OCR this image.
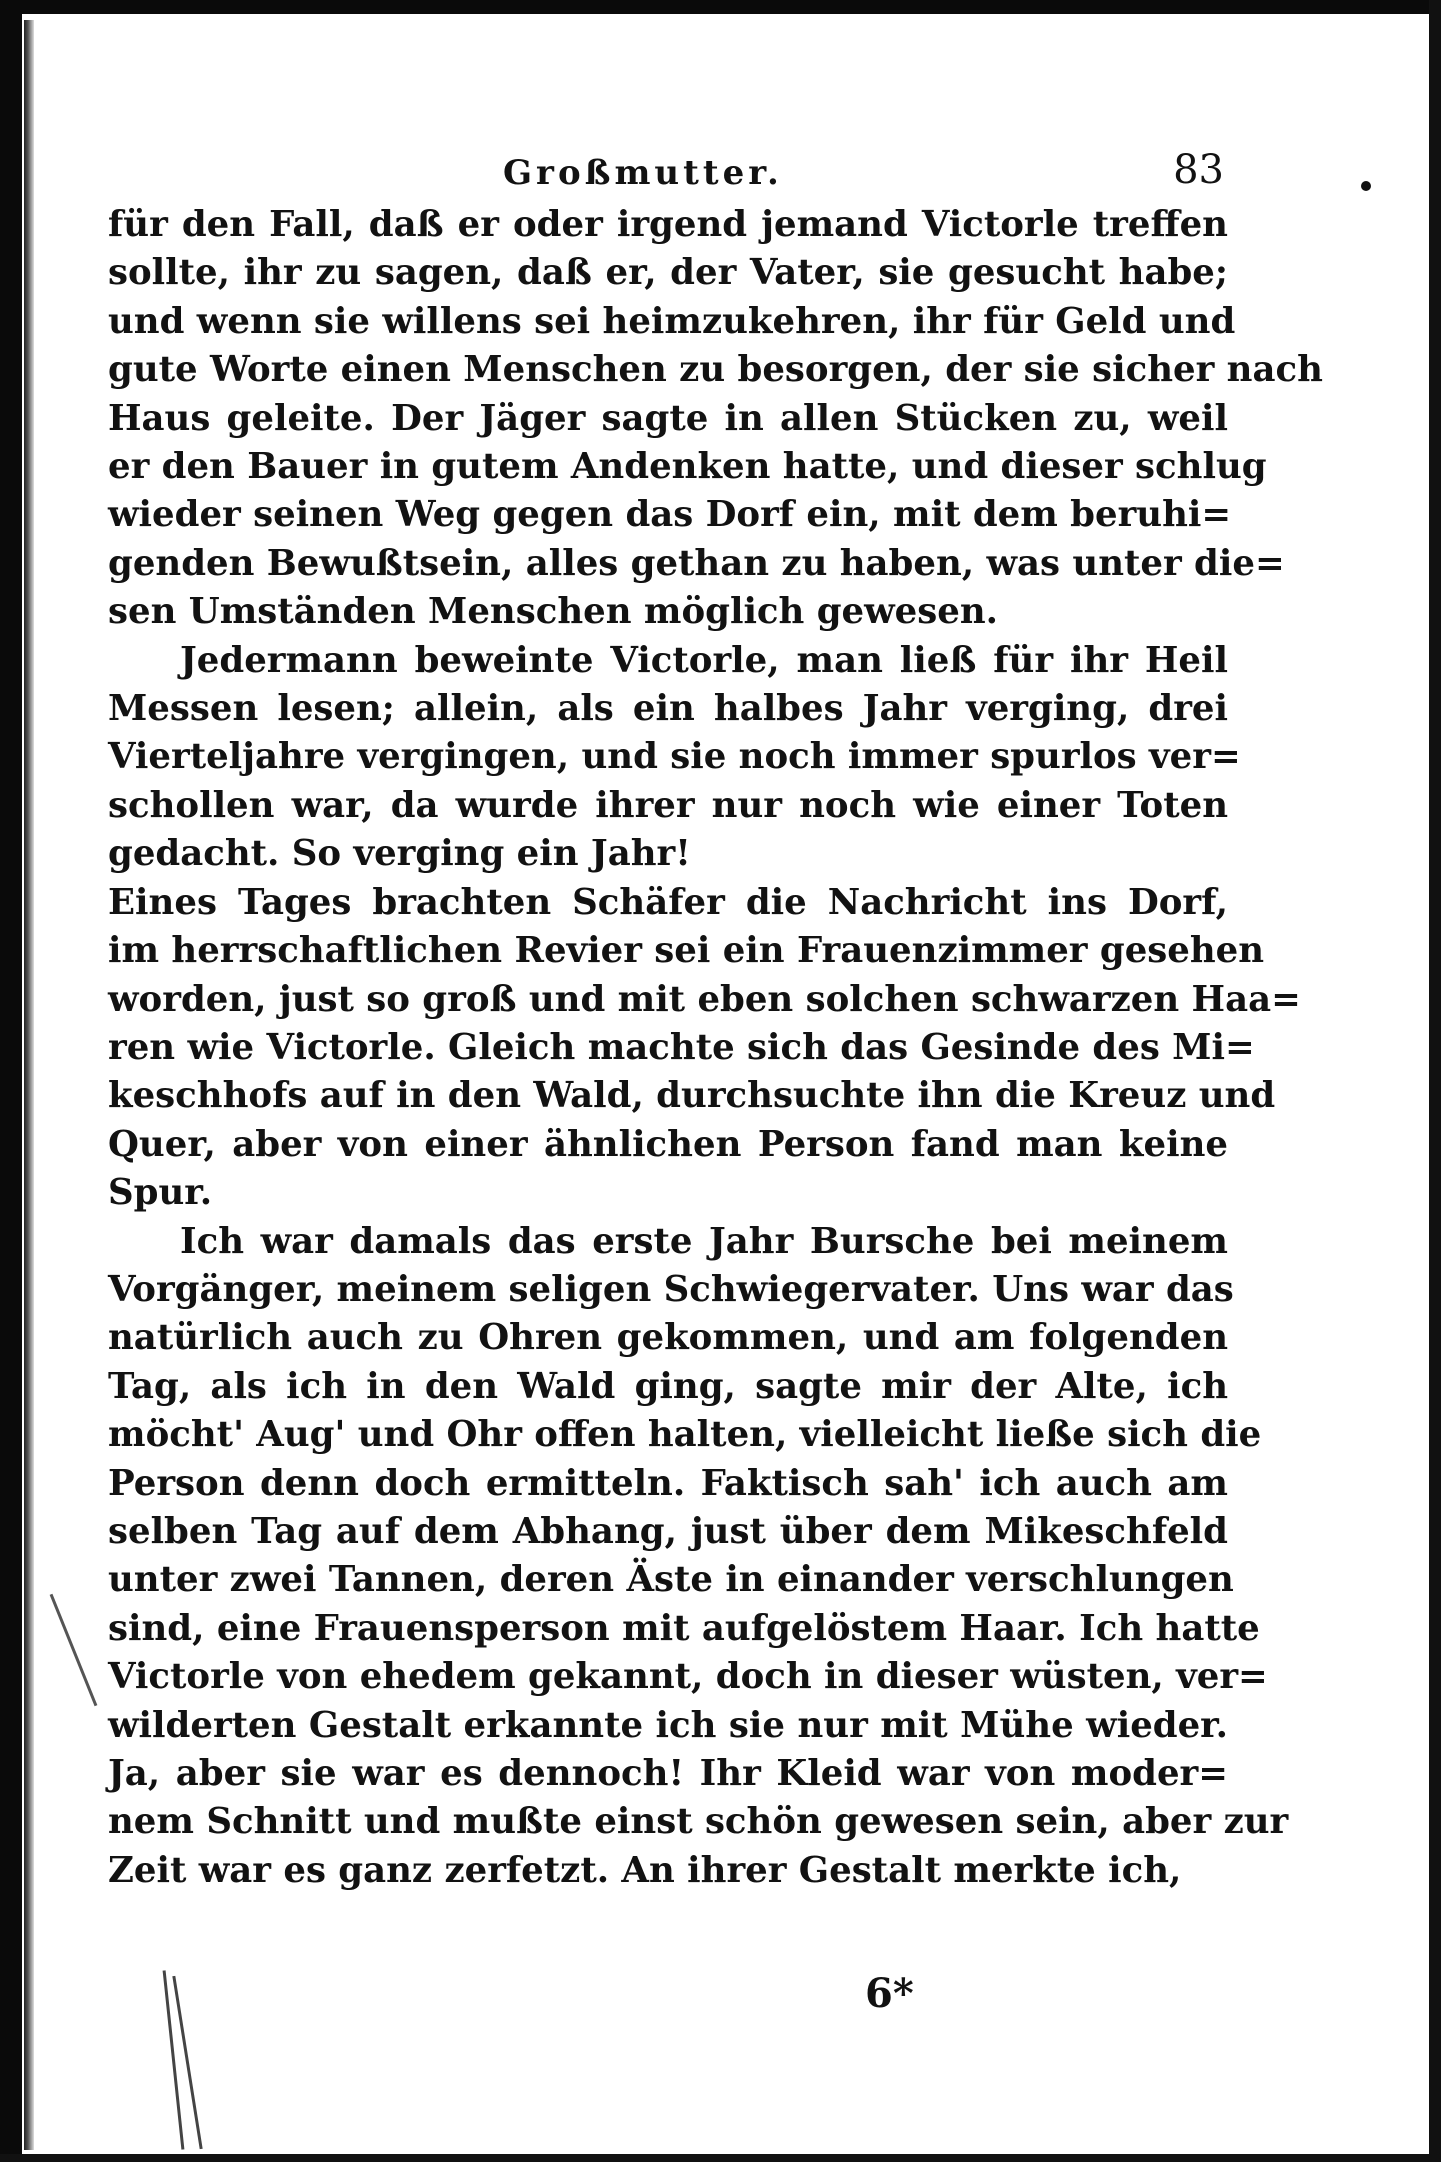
Großmutter.	83
für den Fall, daß er oder irgend jemand Victorle treffen
sollte, ihr zu sagen, daß er, der Vater, sie gesucht habe;
und wenn sie willens sei heimzukehren, ihr für Geld und
gute Worte einen Menschen zu besorgen, der sie sicher nach
Haus geleite. Der Jäger sagte in allen Stücken zu, weil
er den Bauer in gutem Andenken hatte, und dieser schlug
wieder seinen Weg gegen das Dorf ein, mit dem beruhi=
genden Bewußtsein, alles gethan zu haben, was unter die=
sen Umständen Menschen möglich gewesen.
Jedermann beweinte Victorle, man ließ für ihr Heil
Messen lesen; allein, als ein halbes Jahr verging, drei
Vierteljahre vergingen, und sie noch immer spurlos ver=
schollen war, da wurde ihrer nur noch wie einer Toten
gedacht. So verging ein Jahr!
Eines Tages brachten Schäfer die Nachricht ins Dorf,
im herrschaftlichen Revier sei ein Frauenzimmer gesehen
worden, just so groß und mit eben solchen schwarzen Haa=
ren wie Victorle. Gleich machte sich das Gesinde des Mi=
keschhofs auf in den Wald, durchsuchte ihn die Kreuz und
Quer, aber von einer ähnlichen Person fand man keine
Spur.
Ich war damals das erste Jahr Bursche bei meinem
Vorgänger, meinem seligen Schwiegervater. Uns war das
natürlich auch zu Ohren gekommen, und am folgenden
Tag, als ich in den Wald ging, sagte mir der Alte, ich
möcht' Aug' und Ohr offen halten, vielleicht ließe sich die
Person denn doch ermitteln. Faktisch sah' ich auch am
selben Tag auf dem Abhang, just über dem Mikeschfeld
unter zwei Tannen, deren Äste in einander verschlungen
sind, eine Frauensperson mit aufgelöstem Haar. Ich hatte
Victorle von ehedem gekannt, doch in dieser wüsten, ver=
wilderten Gestalt erkannte ich sie nur mit Mühe wieder.
Ja, aber sie war es dennoch! Ihr Kleid war von moder=
nem Schnitt und mußte einst schön gewesen sein, aber zur
Zeit war es ganz zerfetzt. An ihrer Gestalt merkte ich,
6*
